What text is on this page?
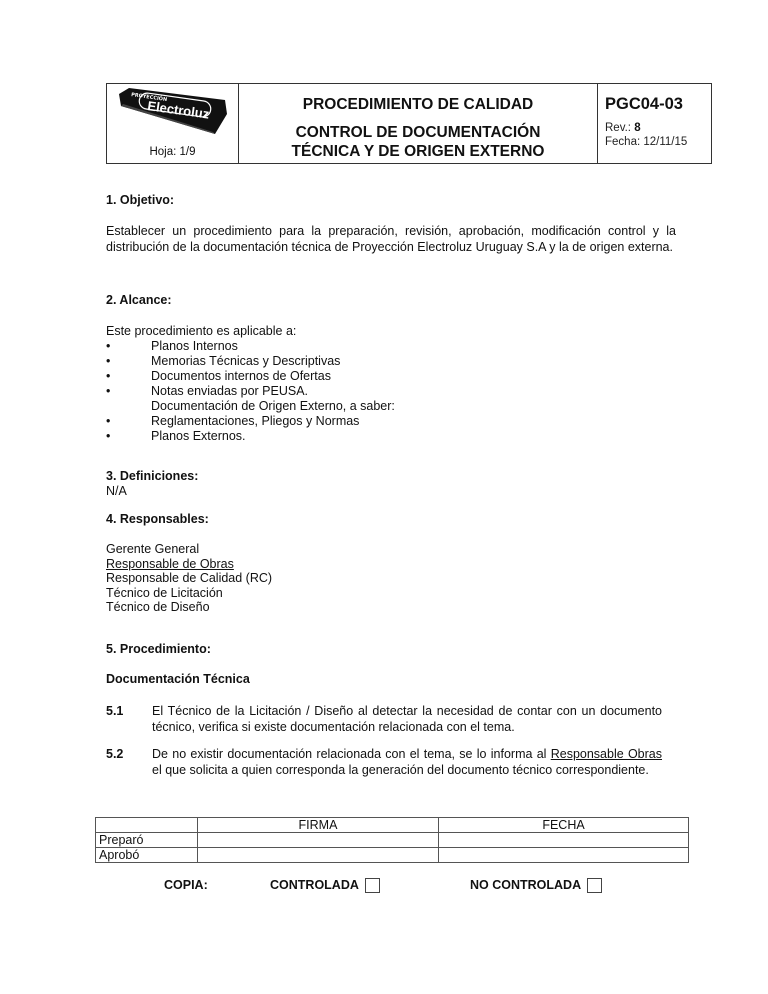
PROYECCIÓN
Electroluz
Hoja: 1/9
PROCEDIMIENTO DE CALIDAD
CONTROL DE DOCUMENTACIÓN
TÉCNICA Y DE ORIGEN EXTERNO
PGC04-03
Rev.: 8
Fecha: 12/11/15
1. Objetivo:
Establecer un procedimiento para la preparación, revisión, aprobación, modificación control y la distribución de la documentación técnica de Proyección Electroluz Uruguay S.A y la de origen externa.
2. Alcance:
Este procedimiento es aplicable a:
•	Planos Internos
•	Memorias Técnicas y Descriptivas
•	Documentos internos de Ofertas
•	Notas enviadas por PEUSA.
Documentación de Origen Externo, a saber:
•	Reglamentaciones, Pliegos y Normas
•	Planos Externos.
3. Definiciones:
N/A
4. Responsables:
Gerente General
Responsable de Obras
Responsable de Calidad (RC)
Técnico de Licitación
Técnico de Diseño
5. Procedimiento:
Documentación Técnica
5.1 El Técnico de la Licitación / Diseño al detectar la necesidad de contar con un documento técnico, verifica si existe documentación relacionada con el tema.
5.2 De no existir documentación relacionada con el tema, se lo informa al Responsable Obras el que solicita a quien corresponda la generación del documento técnico correspondiente.
	FIRMA	FECHA
Preparó		
Aprobó		
COPIA:	CONTROLADA	NO CONTROLADA
